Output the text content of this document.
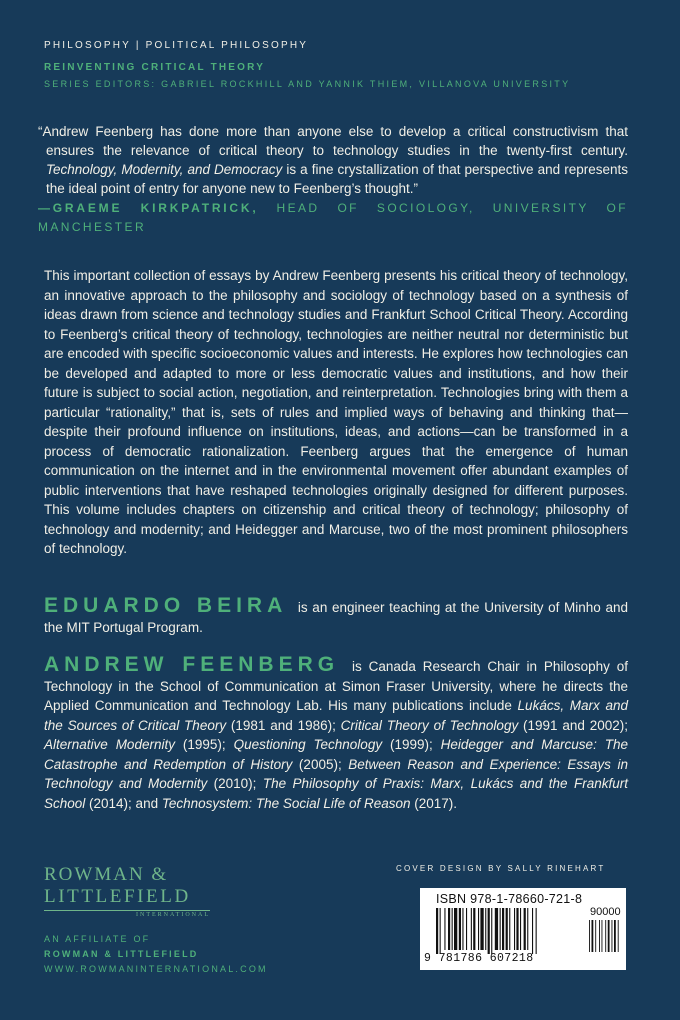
PHILOSOPHY | POLITICAL PHILOSOPHY
REINVENTING CRITICAL THEORY
SERIES EDITORS: GABRIEL ROCKHILL AND YANNIK THIEM, VILLANOVA UNIVERSITY

“Andrew Feenberg has done more than anyone else to develop a critical constructivism that ensures the relevance of critical theory to technology studies in the twenty-first century. Technology, Modernity, and Democracy is a fine crystallization of that perspective and represents the ideal point of entry for anyone new to Feenberg’s thought.”

—GRAEME KIRKPATRICK, HEAD OF SOCIOLOGY, UNIVERSITY OF MANCHESTER

This important collection of essays by Andrew Feenberg presents his critical theory of technology, an innovative approach to the philosophy and sociology of technology based on a synthesis of ideas drawn from science and technology studies and Frankfurt School Critical Theory. According to Feenberg’s critical theory of technology, technologies are neither neutral nor deterministic but are encoded with specific socioeconomic values and interests. He explores how technologies can be developed and adapted to more or less democratic values and institutions, and how their future is subject to social action, negotiation, and reinterpretation. Technologies bring with them a particular “rationality,” that is, sets of rules and implied ways of behaving and thinking that—despite their profound influence on institutions, ideas, and actions—can be transformed in a process of democratic rationalization. Feenberg argues that the emergence of human communication on the internet and in the environmental movement offer abundant examples of public interventions that have reshaped technologies originally designed for different purposes. This volume includes chapters on citizenship and critical theory of technology; philosophy of technology and modernity; and Heidegger and Marcuse, two of the most prominent philosophers of technology.

EDUARDO BEIRA is an engineer teaching at the University of Minho and the MIT Portugal Program.

ANDREW FEENBERG is Canada Research Chair in Philosophy of Technology in the School of Communication at Simon Fraser University, where he directs the Applied Communication and Technology Lab. His many publications include Lukács, Marx and the Sources of Critical Theory (1981 and 1986); Critical Theory of Technology (1991 and 2002); Alternative Modernity (1995); Questioning Technology (1999); Heidegger and Marcuse: The Catastrophe and Redemption of History (2005); Between Reason and Experience: Essays in Technology and Modernity (2010); The Philosophy of Praxis: Marx, Lukács and the Frankfurt School (2014); and Technosystem: The Social Life of Reason (2017).

ROWMAN &
LITTLEFIELD
INTERNATIONAL
AN AFFILIATE OF
ROWMAN & LITTLEFIELD
WWW.ROWMANINTERNATIONAL.COM
COVER DESIGN BY SALLY RINEHART
ISBN 978-1-78660-721-8
90000
9 781786 607218
